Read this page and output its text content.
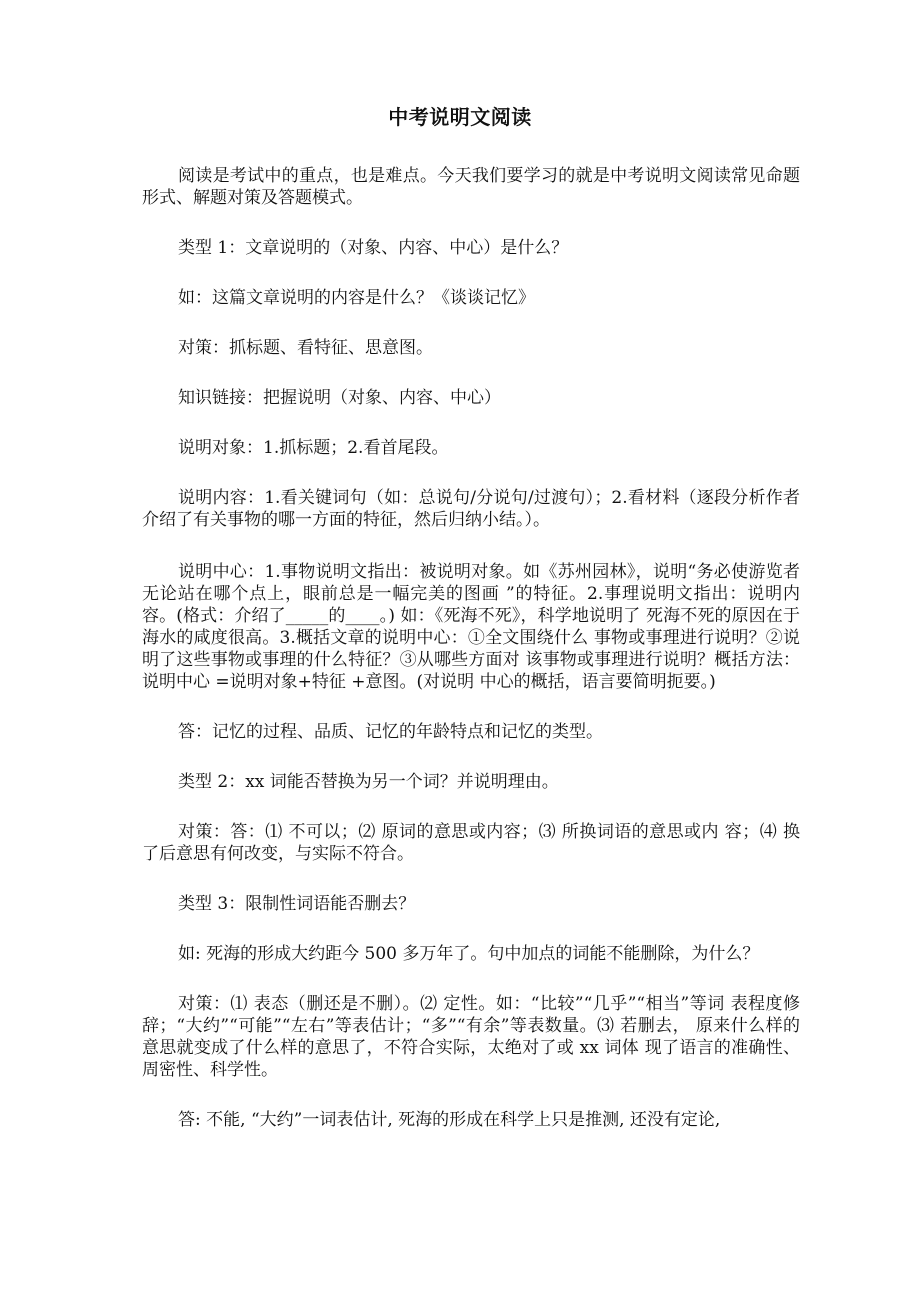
中考说明文阅读

阅读是考试中的重点，也是难点。今天我们要学习的就是中考说明文阅读常见命题形式、解题对策及答题模式。

类型 1：文章说明的（对象、内容、中心）是什么？

如：这篇文章说明的内容是什么？《谈谈记忆》

对策：抓标题、看特征、思意图。

知识链接：把握说明（对象、内容、中心）

说明对象：1.抓标题；2.看首尾段。

说明内容：1.看关键词句（如：总说句/分说句/过渡句）；2.看材料（逐段分析作者介绍了有关事物的哪一方面的特征，然后归纳小结。）。

说明中心：1.事物说明文指出：被说明对象。如《苏州园林》，说明“务必使游览者无论站在哪个点上，眼前总是一幅完美的图画 ”的特征。2.事理说明文指出：说明内容。(格式：介绍了_____的____。) 如：《死海不死》，科学地说明了 死海不死的原因在于海水的咸度很高。3.概括文章的说明中心：①全文围绕什么 事物或事理进行说明？②说明了这些事物或事理的什么特征？③从哪些方面对 该事物或事理进行说明？概括方法：说明中心 =说明对象+特征 +意图。(对说明 中心的概括，语言要简明扼要。)

答：记忆的过程、品质、记忆的年龄特点和记忆的类型。

类型 2：xx 词能否替换为另一个词？并说明理由。

对策：答：⑴ 不可以；⑵ 原词的意思或内容；⑶ 所换词语的意思或内 容；⑷ 换了后意思有何改变，与实际不符合。

类型 3：限制性词语能否删去？

如: 死海的形成大约距今 500 多万年了。句中加点的词能不能删除，为什么？

对策：⑴ 表态（删还是不删）。⑵ 定性。如：“比较”“几乎”“相当”等词 表程度修辞；“大约”“可能”“左右”等表估计；“多”“有余”等表数量。⑶ 若删去， 原来什么样的意思就变成了什么样的意思了，不符合实际，太绝对了或 xx 词体 现了语言的准确性、周密性、科学性。

答: 不能, “大约”一词表估计, 死海的形成在科学上只是推测, 还没有定论,
